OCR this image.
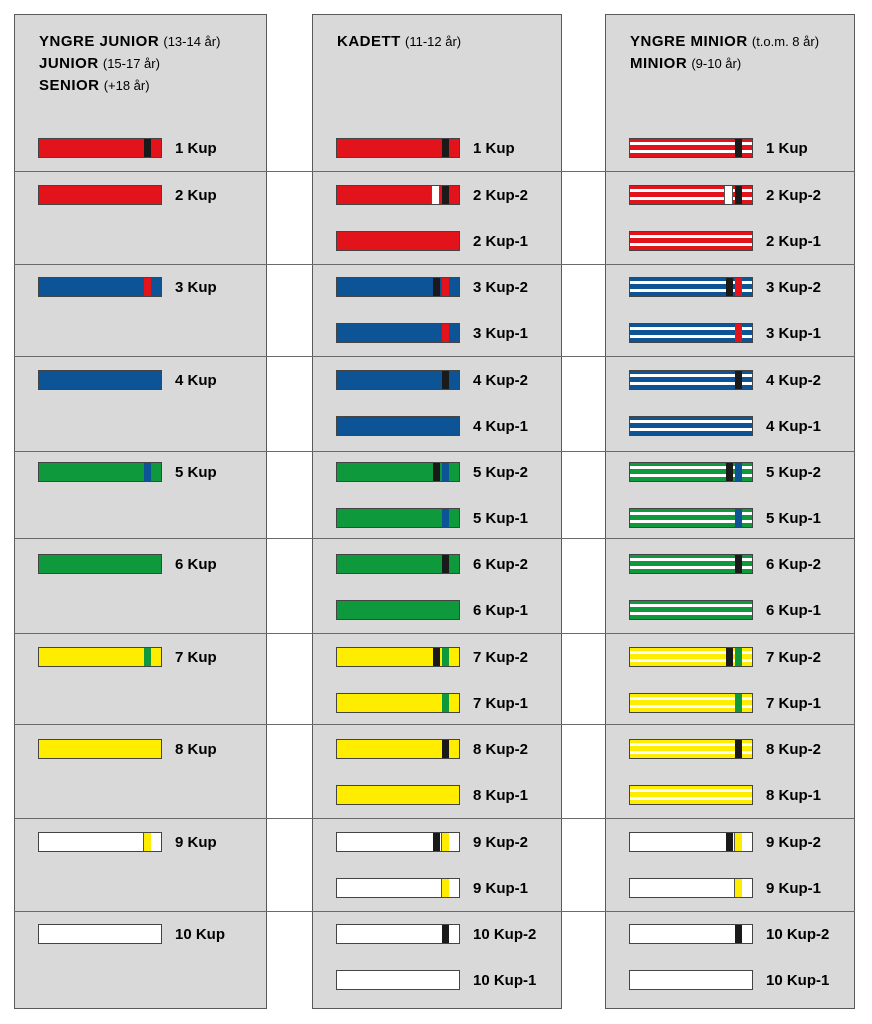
YNGRE JUNIOR (13-14 år)
JUNIOR (15-17 år)
SENIOR (+18 år)
KADETT (11-12 år)	YNGRE MINIOR (t.o.m. 8 år)
MINIOR (9-10 år)
1 Kup
2 Kup
3 Kup
4 Kup
5 Kup
6 Kup
7 Kup
8 Kup
9 Kup
10 Kup
1 Kup
2 Kup-2
2 Kup-1
3 Kup-2
3 Kup-1
4 Kup-2
4 Kup-1
5 Kup-2
5 Kup-1
6 Kup-2
6 Kup-1
7 Kup-2
7 Kup-1
8 Kup-2
8 Kup-1
9 Kup-2
9 Kup-1
10 Kup-2
10 Kup-1
1 Kup
2 Kup-2
2 Kup-1
3 Kup-2
3 Kup-1
4 Kup-2
4 Kup-1
5 Kup-2
5 Kup-1
6 Kup-2
6 Kup-1
7 Kup-2
7 Kup-1
8 Kup-2
8 Kup-1
9 Kup-2
9 Kup-1
10 Kup-2
10 Kup-1
